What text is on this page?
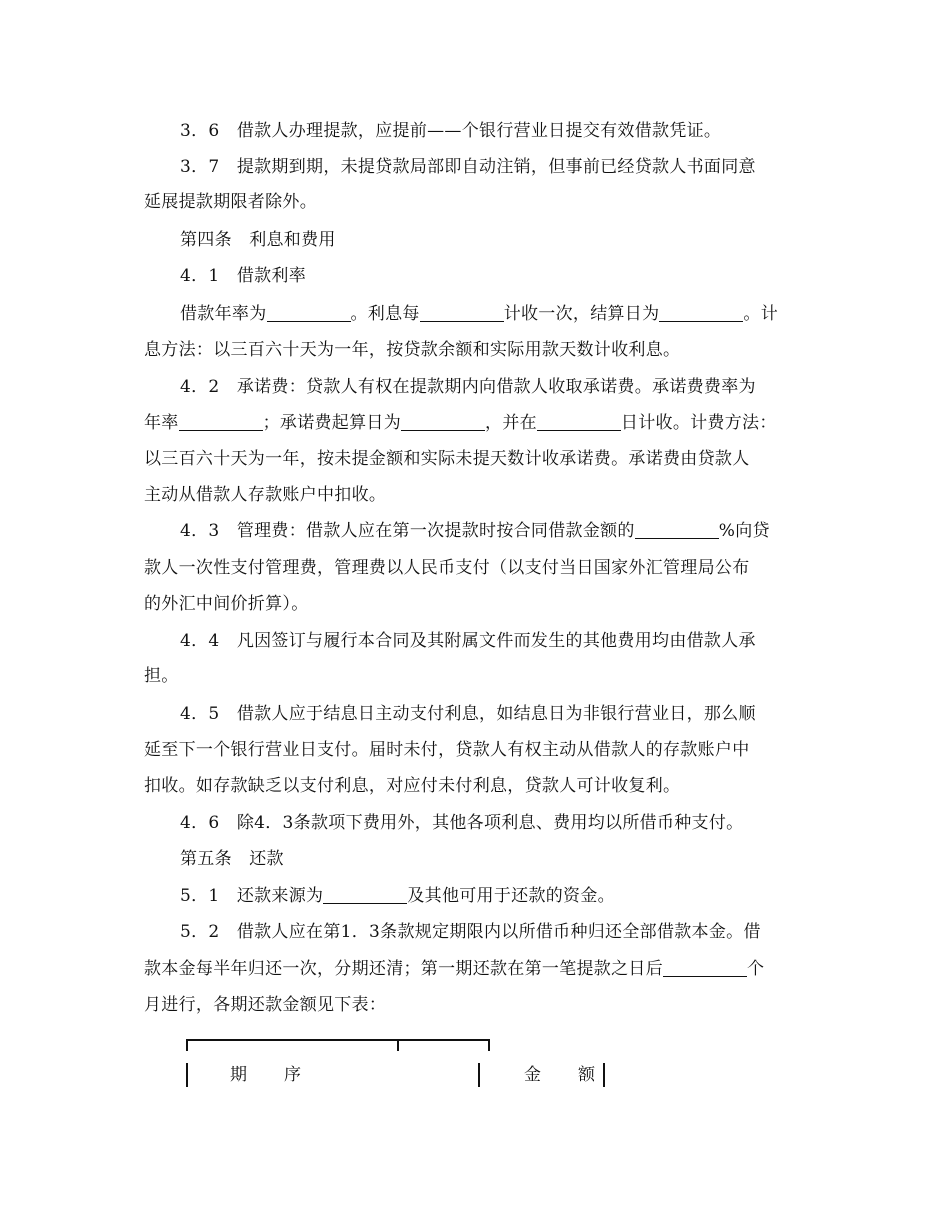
3．6　借款人办理提款，应提前——个银行营业日提交有效借款凭证。
3．7　提款期到期，未提贷款局部即自动注销，但事前已经贷款人书面同意
延展提款期限者除外。
第四条　利息和费用
4．1　借款利率
借款年率为	。利息每	计收一次，结算日为	。计
息方法：以三百六十天为一年，按贷款余额和实际用款天数计收利息。
4．2　承诺费：贷款人有权在提款期内向借款人收取承诺费。承诺费费率为
年率	；承诺费起算日为	，并在	日计收。计费方法：
以三百六十天为一年，按未提金额和实际未提天数计收承诺费。承诺费由贷款人
主动从借款人存款账户中扣收。
4．3　管理费：借款人应在第一次提款时按合同借款金额的	%向贷
款人一次性支付管理费，管理费以人民币支付（以支付当日国家外汇管理局公布
的外汇中间价折算）。
4．4　凡因签订与履行本合同及其附属文件而发生的其他费用均由借款人承
担。
4．5　借款人应于结息日主动支付利息，如结息日为非银行营业日，那么顺
延至下一个银行营业日支付。届时未付，贷款人有权主动从借款人的存款账户中
扣收。如存款缺乏以支付利息，对应付未付利息，贷款人可计收复利。
4．6　除4．3条款项下费用外，其他各项利息、费用均以所借币种支付。
第五条　还款
5．1　还款来源为	及其他可用于还款的资金。
5．2　借款人应在第1．3条款规定期限内以所借币种归还全部借款本金。借
款本金每半年归还一次，分期还清；第一期还款在第一笔提款之日后	个
月进行，各期还款金额见下表：
期　　序	金　　额
